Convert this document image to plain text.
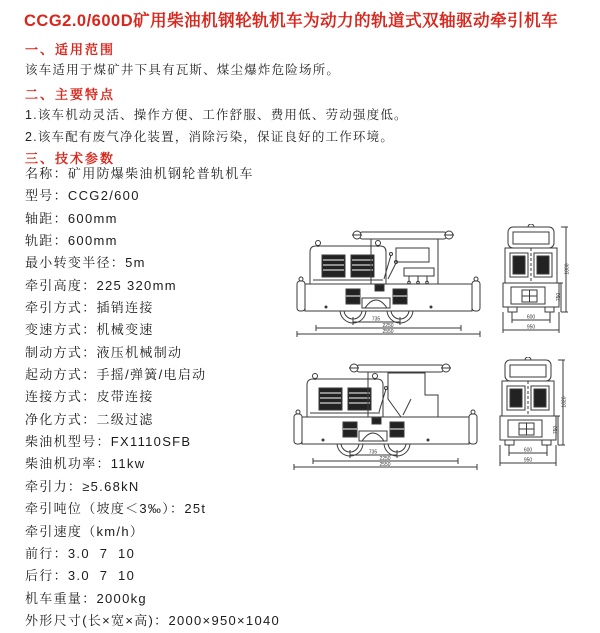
CCG2.0/600D矿用柴油机钢轮轨机车为动力的轨道式双轴驱动牵引机车
一、适用范围
该车适用于煤矿井下具有瓦斯、煤尘爆炸危险场所。
二、主要特点
1.该车机动灵活、操作方便、工作舒服、费用低、劳动强度低。
2.该车配有废气净化装置，消除污染，保证良好的工作环境。
三、技术参数
名称：矿用防爆柴油机钢轮普轨机车
型号：CCG2/600
轴距：600mm
轨距：600mm
最小转变半径：5m
牵引高度：225 320mm
牵引方式：插销连接
变速方式：机械变速
制动方式：液压机械制动
起动方式：手摇/弹簧/电启动
连接方式：皮带连接
净化方式：二级过滤
柴油机型号：FX1110SFB
柴油机功率：11kw
牵引力：≥5.68kN
牵引吨位（坡度＜3‰）：25t
牵引速度（km/h）
前行：3.0  7  10
后行：3.0  7  10
机车重量：2000kg
外形尺寸(长×宽×高)：2000×950×1040
735
2250
2550
1800
750
600
950
735
2250
2550
1620
750
600
950
